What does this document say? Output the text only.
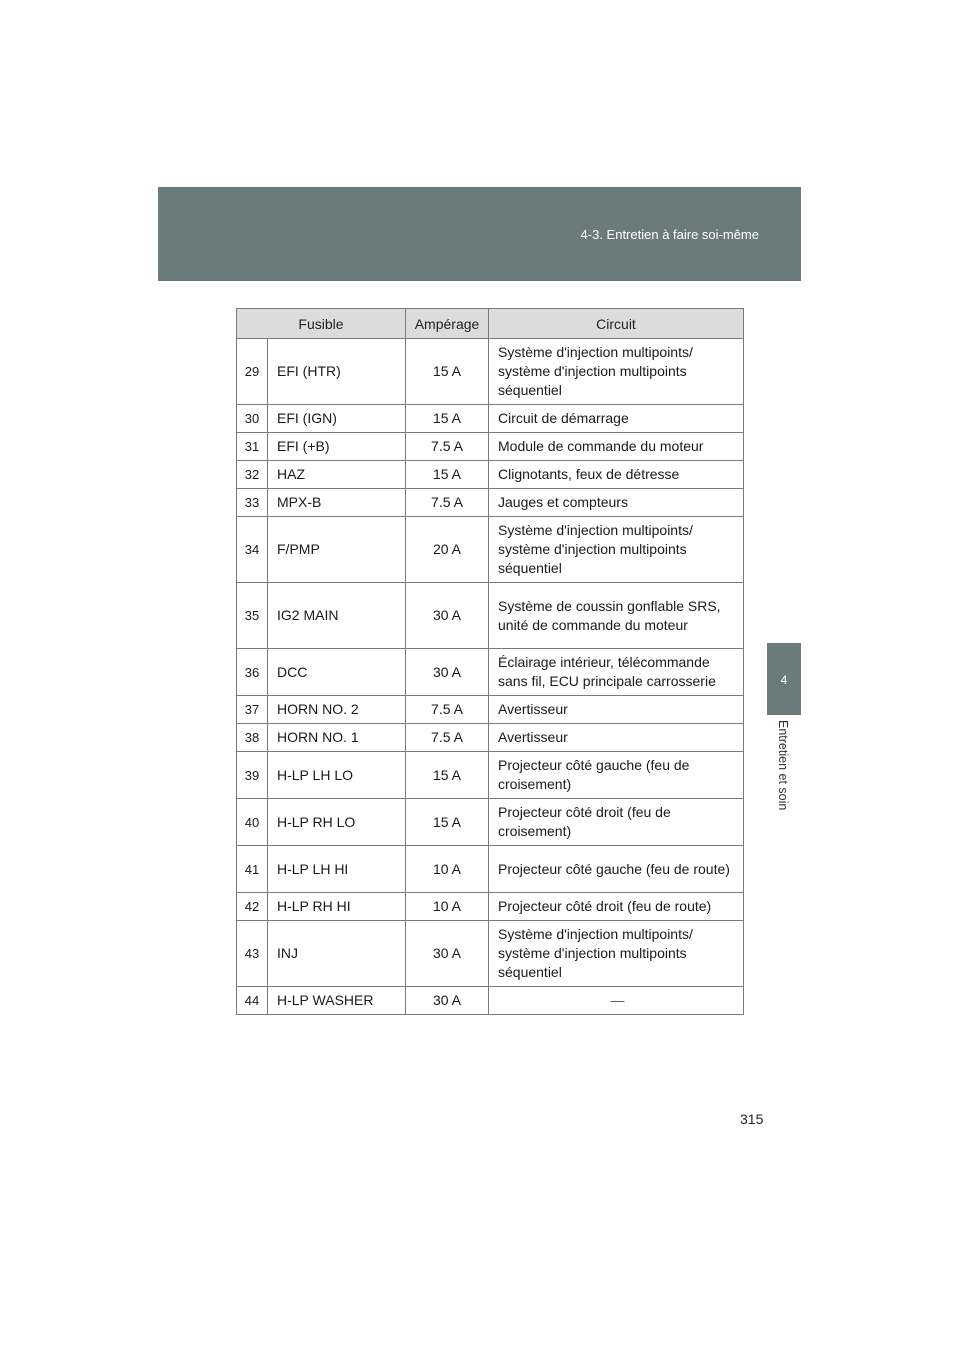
4-3. Entretien à faire soi-même
4
Entretien et soin
Fusible		Ampérage	Circuit
29	EFI (HTR)	15 A	Système d'injection multipoints/ système d'injection multipoints séquentiel
30	EFI (IGN)	15 A	Circuit de démarrage
31	EFI (+B)	7.5 A	Module de commande du moteur
32	HAZ	15 A	Clignotants, feux de détresse
33	MPX-B	7.5 A	Jauges et compteurs
34	F/PMP	20 A	Système d'injection multipoints/ système d'injection multipoints séquentiel
35	IG2 MAIN	30 A	Système de coussin gonflable SRS, unité de commande du moteur
36	DCC	30 A	Éclairage intérieur, télécommande sans fil, ECU principale carrosserie
37	HORN NO. 2	7.5 A	Avertisseur
38	HORN NO. 1	7.5 A	Avertisseur
39	H-LP LH LO	15 A	Projecteur côté gauche (feu de croisement)
40	H-LP RH LO	15 A	Projecteur côté droit (feu de croisement)
41	H-LP LH HI	10 A	Projecteur côté gauche (feu de route)
42	H-LP RH HI	10 A	Projecteur côté droit (feu de route)
43	INJ	30 A	Système d'injection multipoints/ système d'injection multipoints séquentiel
44	H-LP WASHER	30 A	—
315
